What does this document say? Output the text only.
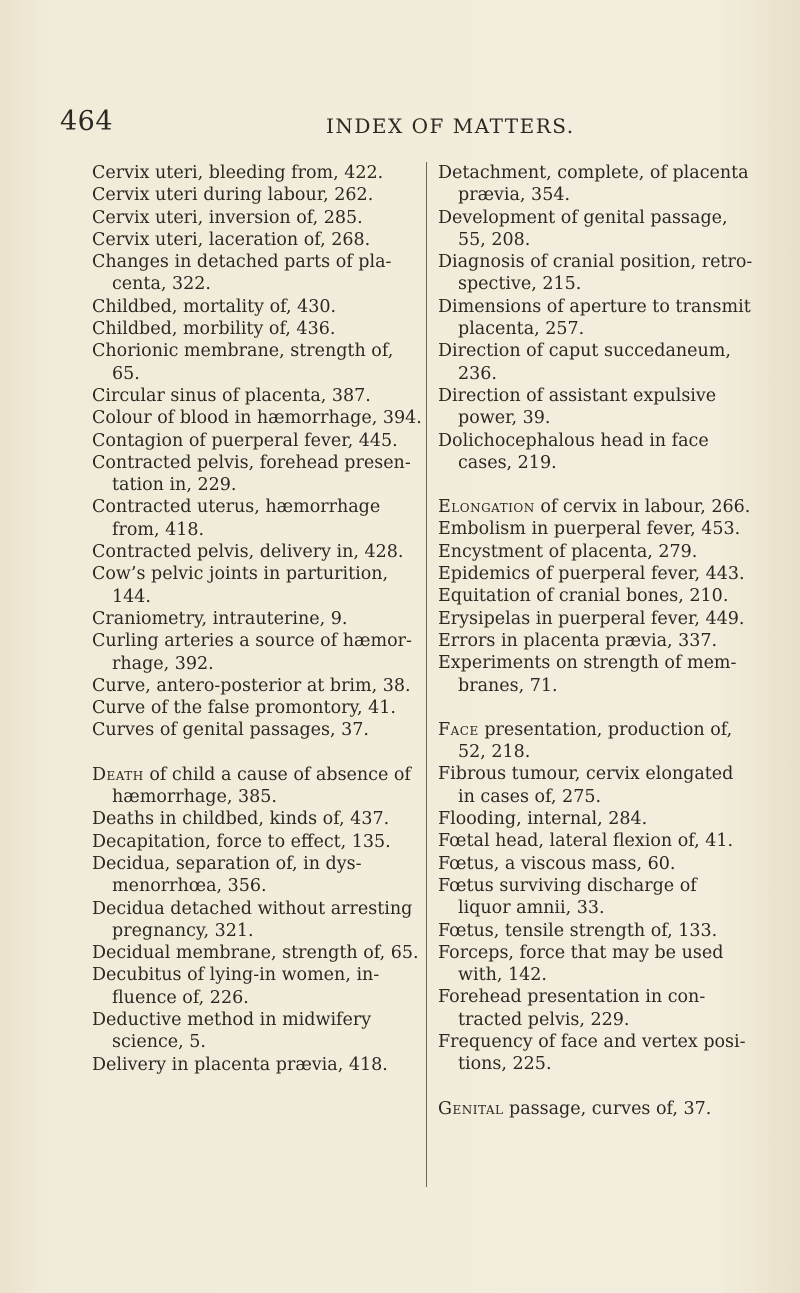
464	INDEX OF MATTERS.

Cervix uteri, bleeding from, 422.

Cervix uteri during labour, 262.

Cervix uteri, inversion of, 285.

Cervix uteri, laceration of, 268.

Changes in detached parts of placenta, 322.

Childbed, mortality of, 430.

Childbed, morbility of, 436.

Chorionic membrane, strength of, 65.

Circular sinus of placenta, 387.

Colour of blood in hæmorrhage, 394.

Contagion of puerperal fever, 445.

Contracted pelvis, forehead presentation in, 229.

Contracted uterus, hæmorrhage from, 418.

Contracted pelvis, delivery in, 428.

Cow’s pelvic joints in parturition, 144.

Craniometry, intrauterine, 9.

Curling arteries a source of hæmorrhage, 392.

Curve, antero-posterior at brim, 38.

Curve of the false promontory, 41.

Curves of genital passages, 37.

Death of child a cause of absence of hæmorrhage, 385.

Deaths in childbed, kinds of, 437.

Decapitation, force to effect, 135.

Decidua, separation of, in dysmenorrhœa, 356.

Decidua detached without arresting pregnancy, 321.

Decidual membrane, strength of, 65.

Decubitus of lying-in women, influence of, 226.

Deductive method in midwifery science, 5.

Delivery in placenta prævia, 418.

Detachment, complete, of placenta prævia, 354.

Development of genital passage, 55, 208.

Diagnosis of cranial position, retrospective, 215.

Dimensions of aperture to transmit placenta, 257.

Direction of caput succedaneum, 236.

Direction of assistant expulsive power, 39.

Dolichocephalous head in face cases, 219.

Elongation of cervix in labour, 266.

Embolism in puerperal fever, 453.

Encystment of placenta, 279.

Epidemics of puerperal fever, 443.

Equitation of cranial bones, 210.

Erysipelas in puerperal fever, 449.

Errors in placenta prævia, 337.

Experiments on strength of membranes, 71.

Face presentation, production of, 52, 218.

Fibrous tumour, cervix elongated in cases of, 275.

Flooding, internal, 284.

Fœtal head, lateral flexion of, 41.

Fœtus, a viscous mass, 60.

Fœtus surviving discharge of liquor amnii, 33.

Fœtus, tensile strength of, 133.

Forceps, force that may be used with, 142.

Forehead presentation in contracted pelvis, 229.

Frequency of face and vertex positions, 225.

Genital passage, curves of, 37.
